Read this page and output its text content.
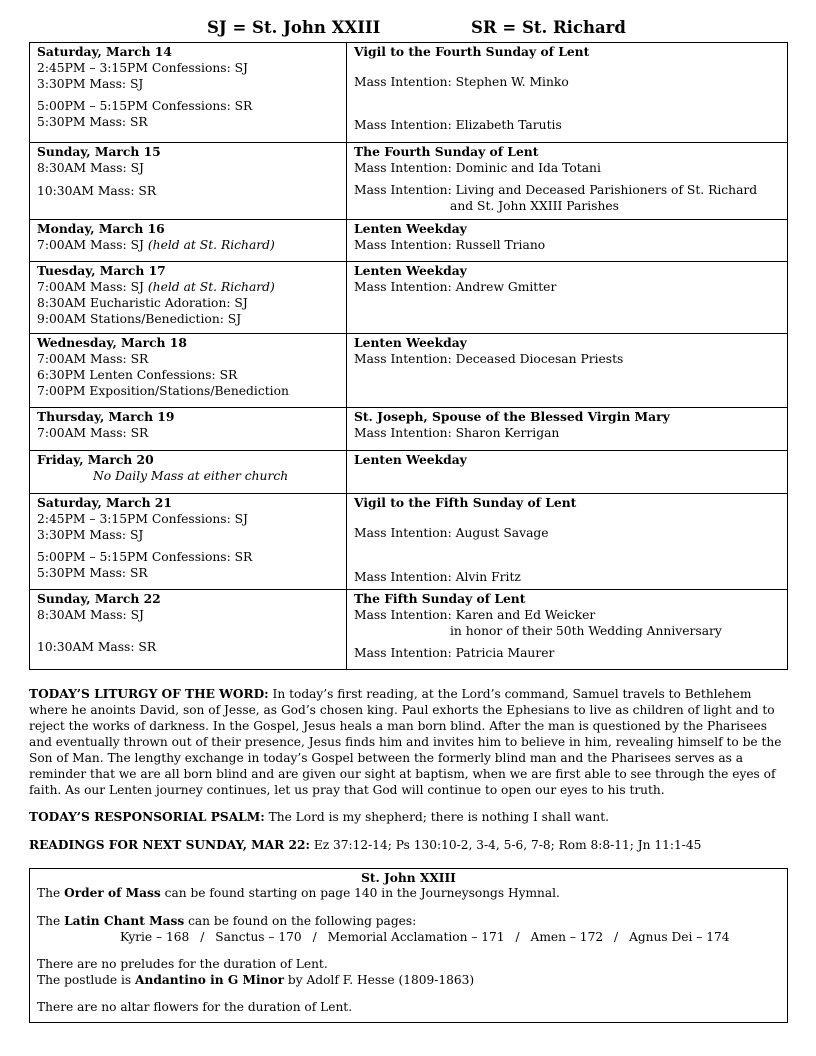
SJ = St. John XXIII	SR = St. Richard
Saturday, March 14
2:45PM – 3:15PM Confessions: SJ
3:30PM Mass: SJ
5:00PM – 5:15PM Confessions: SR
5:30PM Mass: SR	Vigil to the Fourth Sunday of Lent
Mass Intention: Stephen W. Minko
Mass Intention: Elizabeth Tarutis

Sunday, March 15
8:30AM Mass: SJ
10:30AM Mass: SR	The Fourth Sunday of Lent
Mass Intention: Dominic and Ida Totani
Mass Intention: Living and Deceased Parishioners of St. Richard
and St. John XXIII Parishes

Monday, March 16
7:00AM Mass: SJ (held at St. Richard)	Lenten Weekday
Mass Intention: Russell Triano

Tuesday, March 17
7:00AM Mass: SJ (held at St. Richard)
8:30AM Eucharistic Adoration: SJ
9:00AM Stations/Benediction: SJ	Lenten Weekday
Mass Intention: Andrew Gmitter

Wednesday, March 18
7:00AM Mass: SR
6:30PM Lenten Confessions: SR
7:00PM Exposition/Stations/Benediction	Lenten Weekday
Mass Intention: Deceased Diocesan Priests

Thursday, March 19
7:00AM Mass: SR	St. Joseph, Spouse of the Blessed Virgin Mary
Mass Intention: Sharon Kerrigan

Friday, March 20
No Daily Mass at either church	Lenten Weekday

Saturday, March 21
2:45PM – 3:15PM Confessions: SJ
3:30PM Mass: SJ
5:00PM – 5:15PM Confessions: SR
5:30PM Mass: SR	Vigil to the Fifth Sunday of Lent
Mass Intention: August Savage
Mass Intention: Alvin Fritz

Sunday, March 22
8:30AM Mass: SJ
10:30AM Mass: SR	The Fifth Sunday of Lent
Mass Intention: Karen and Ed Weicker
in honor of their 50th Wedding Anniversary
Mass Intention: Patricia Maurer
TODAY’S LITURGY OF THE WORD: In today’s first reading, at the Lord’s command, Samuel travels to Bethlehem where he anoints David, son of Jesse, as God’s chosen king. Paul exhorts the Ephesians to live as children of light and to reject the works of darkness. In the Gospel, Jesus heals a man born blind. After the man is questioned by the Pharisees and eventually thrown out of their presence, Jesus finds him and invites him to believe in him, revealing himself to be the Son of Man. The lengthy exchange in today’s Gospel between the formerly blind man and the Pharisees serves as a reminder that we are all born blind and are given our sight at baptism, when we are first able to see through the eyes of faith. As our Lenten journey continues, let us pray that God will continue to open our eyes to his truth.
TODAY’S RESPONSORIAL PSALM: The Lord is my shepherd; there is nothing I shall want.
READINGS FOR NEXT SUNDAY, MAR 22: Ez 37:12-14; Ps 130:10-2, 3-4, 5-6, 7-8; Rom 8:8-11; Jn 11:1-45
St. John XXIII
The Order of Mass can be found starting on page 140 in the Journeysongs Hymnal.
The Latin Chant Mass can be found on the following pages:
Kyrie – 168 / Sanctus – 170 / Memorial Acclamation – 171 / Amen – 172 / Agnus Dei – 174
There are no preludes for the duration of Lent.
The postlude is Andantino in G Minor by Adolf F. Hesse (1809-1863)
There are no altar flowers for the duration of Lent.
